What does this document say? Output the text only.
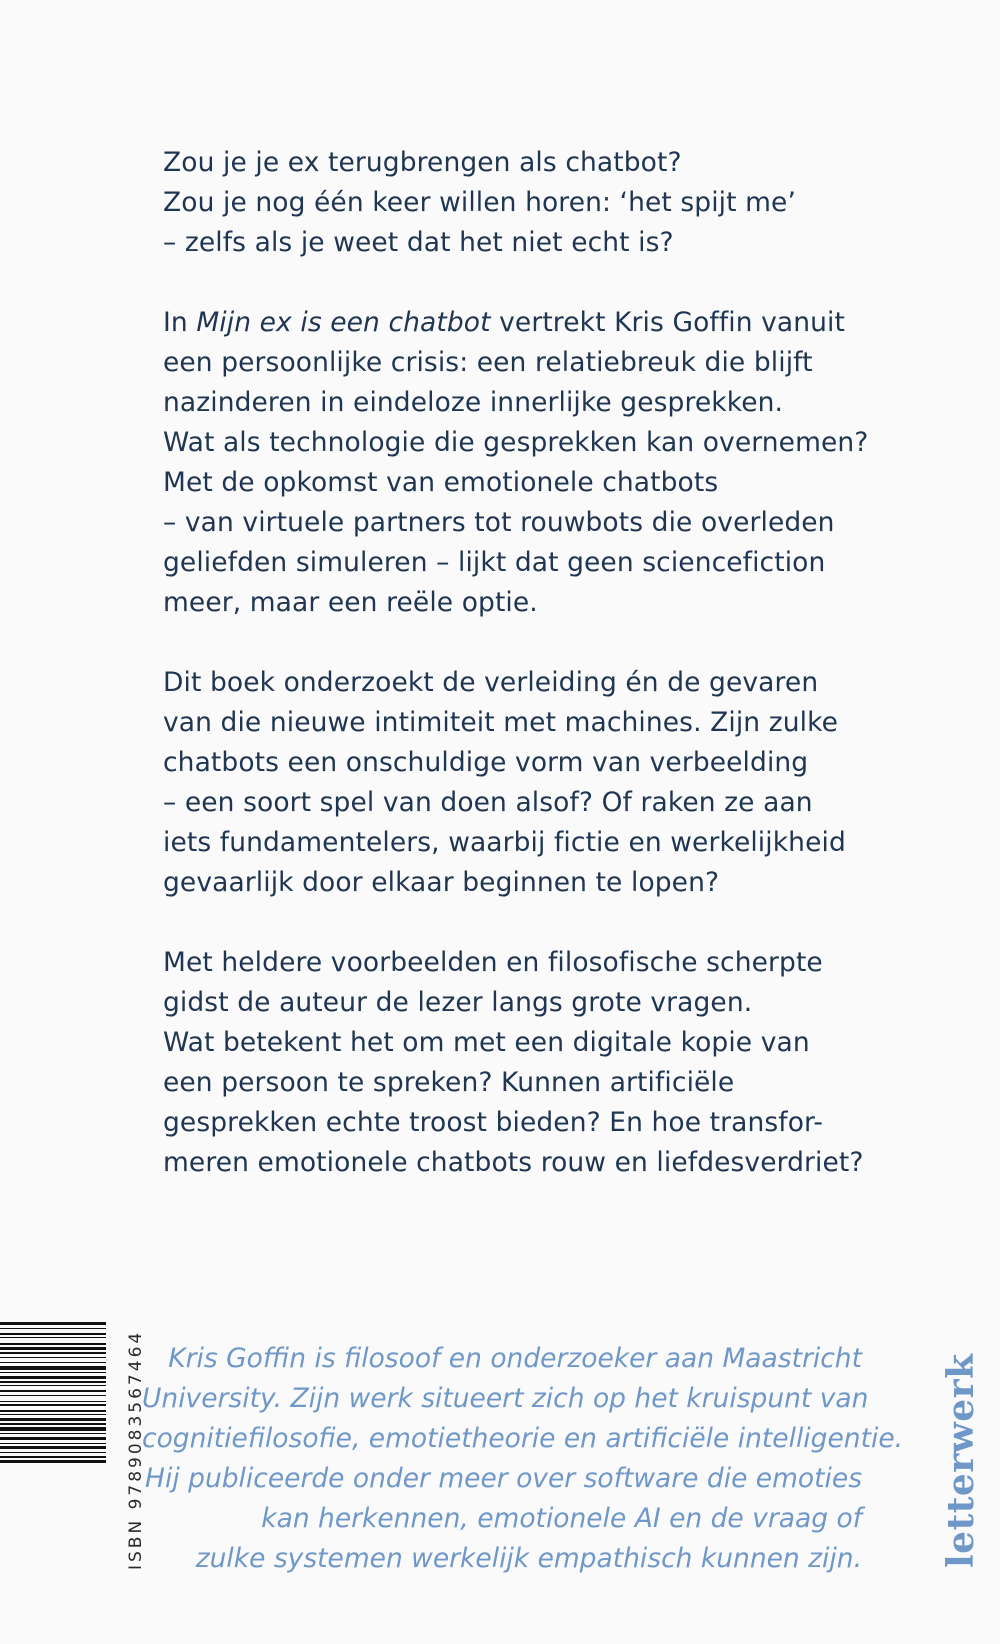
Zou je je ex terugbrengen als chatbot?
Zou je nog één keer willen horen: ‘het spijt me’
– zelfs als je weet dat het niet echt is?
In Mijn ex is een chatbot vertrekt Kris Goffin vanuit
een persoonlijke crisis: een relatiebreuk die blijft
nazinderen in eindeloze innerlijke gesprekken.
Wat als technologie die gesprekken kan overnemen?
Met de opkomst van emotionele chatbots
– van virtuele partners tot rouwbots die overleden
geliefden simuleren – lijkt dat geen sciencefiction
meer, maar een reële optie.
Dit boek onderzoekt de verleiding én de gevaren
van die nieuwe intimiteit met machines. Zijn zulke
chatbots een onschuldige vorm van verbeelding
– een soort spel van doen alsof? Of raken ze aan
iets fundamentelers, waarbij fictie en werkelijkheid
gevaarlijk door elkaar beginnen te lopen?
Met heldere voorbeelden en filosofische scherpte
gidst de auteur de lezer langs grote vragen.
Wat betekent het om met een digitale kopie van
een persoon te spreken? Kunnen artificiële
gesprekken echte troost bieden? En hoe transfor-
meren emotionele chatbots rouw en liefdesverdriet?
Kris Goffin is filosoof en onderzoeker aan Maastricht
University. Zijn werk situeert zich op het kruispunt van
cognitiefilosofie, emotietheorie en artificiële intelligentie.
Hij publiceerde onder meer over software die emoties
kan herkennen, emotionele AI en de vraag of
zulke systemen werkelijk empathisch kunnen zijn.
ISBN 9789083567464	letterwerk
